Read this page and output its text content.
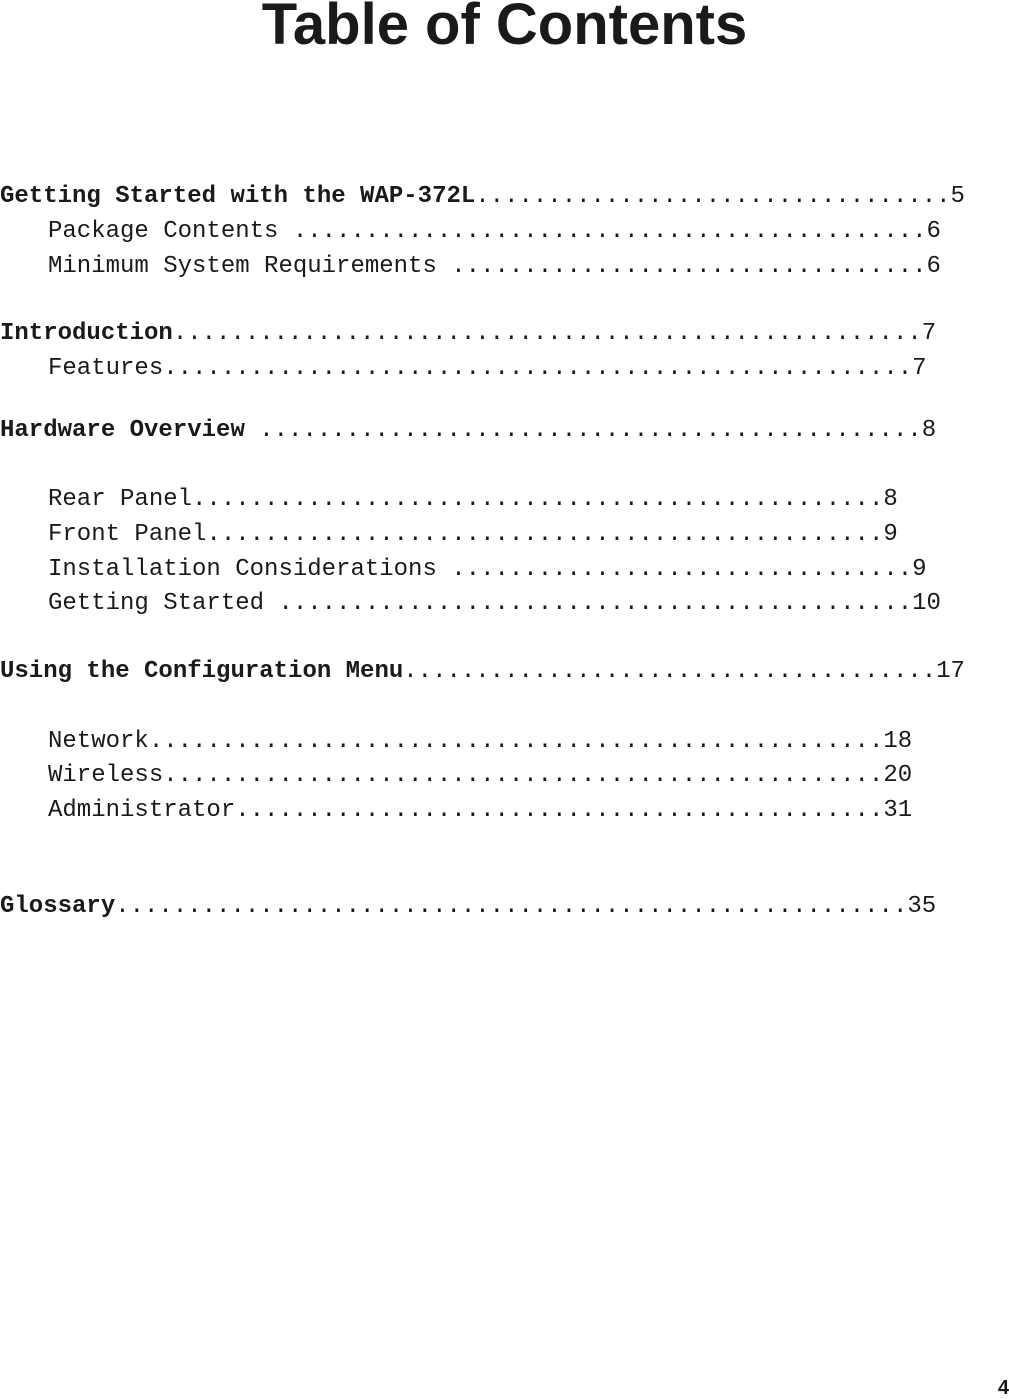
Table of Contents
Getting Started with the WAP-372L.................................5
Package Contents ............................................6
Minimum System Requirements .................................6
Introduction....................................................7
Features....................................................7
Hardware Overview ..............................................8
Rear Panel................................................8
Front Panel...............................................9
Installation Considerations ................................9
Getting Started ............................................10
Using the Configuration Menu.....................................17
Network...................................................18
Wireless..................................................20
Administrator.............................................31
Glossary.......................................................35
4
